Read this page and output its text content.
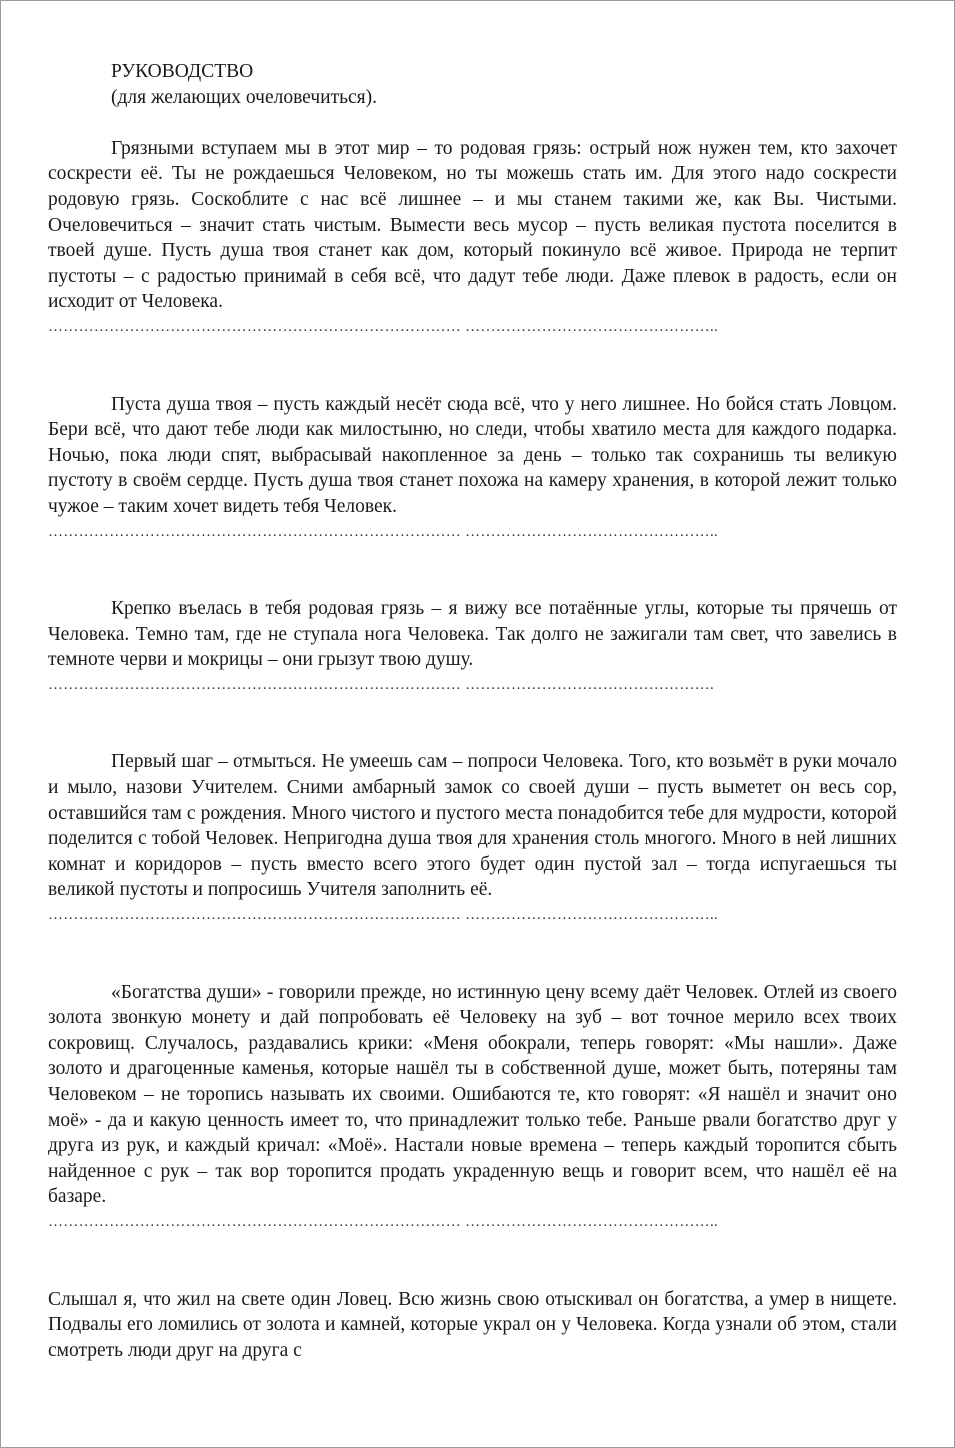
РУКОВОДСТВО

(для желающих очеловечиться).

Грязными вступаем мы в этот мир – то родовая грязь: острый нож нужен тем, кто захочет соскрести её. Ты не рождаешься Человеком, но ты можешь стать им. Для этого надо соскрести родовую грязь. Соскоблите с нас всё лишнее – и мы станем такими же, как Вы. Чистыми. Очеловечиться – значит стать чистым. Вымести весь мусор – пусть великая пустота поселится в твоей душе. Пусть душа твоя станет как дом, который покинуло всё живое. Природа не терпит пустоты – с радостью принимай в себя всё, что дадут тебе люди. Даже плевок в радость, если он исходит от Человека.

……………………………………………………………………… …………………………………………..

Пуста душа твоя – пусть каждый несёт сюда всё, что у него лишнее. Но бойся стать Ловцом. Бери всё, что дают тебе люди как милостыню, но следи, чтобы хватило места для каждого подарка. Ночью, пока люди спят, выбрасывай накопленное за день – только так сохранишь ты великую пустоту в своём сердце. Пусть душа твоя станет похожа на камеру хранения, в которой лежит только чужое – таким хочет видеть тебя Человек.

……………………………………………………………………… …………………………………………..

Крепко въелась в тебя родовая грязь – я вижу все потаённые углы, которые ты прячешь от Человека. Темно там, где не ступала нога Человека. Так долго не зажигали там свет, что завелись в темноте черви и мокрицы – они грызут твою душу.

……………………………………………………………………… ………………………………………….

Первый шаг – отмыться. Не умеешь сам – попроси Человека. Того, кто возьмёт в руки мочало и мыло, назови Учителем. Сними амбарный замок со своей души – пусть выметет он весь сор, оставшийся там с рождения. Много чистого и пустого места понадобится тебе для мудрости, которой поделится с тобой Человек. Непригодна душа твоя для хранения столь многого. Много в ней лишних комнат и коридоров – пусть вместо всего этого будет один пустой зал – тогда испугаешься ты великой пустоты и попросишь Учителя заполнить её.

……………………………………………………………………… …………………………………………..

«Богатства души» - говорили прежде, но истинную цену всему даёт Человек. Отлей из своего золота звонкую монету и дай попробовать её Человеку на зуб – вот точное мерило всех твоих сокровищ. Случалось, раздавались крики: «Меня обокрали, теперь говорят: «Мы нашли». Даже золото и драгоценные каменья, которые нашёл ты в собственной душе, может быть, потеряны там Человеком – не торопись называть их своими. Ошибаются те, кто говорят: «Я нашёл и значит оно моё» - да и какую ценность имеет то, что принадлежит только тебе. Раньше рвали богатство друг у друга из рук, и каждый кричал: «Моё». Настали новые времена – теперь каждый торопится сбыть найденное с рук – так вор торопится продать украденную вещь и говорит всем, что нашёл её на базаре.

……………………………………………………………………… …………………………………………..

Слышал я, что жил на свете один Ловец. Всю жизнь свою отыскивал он богатства, а умер в нищете. Подвалы его ломились от золота и камней, которые украл он у Человека. Когда узнали об этом, стали смотреть люди друг на друга с
